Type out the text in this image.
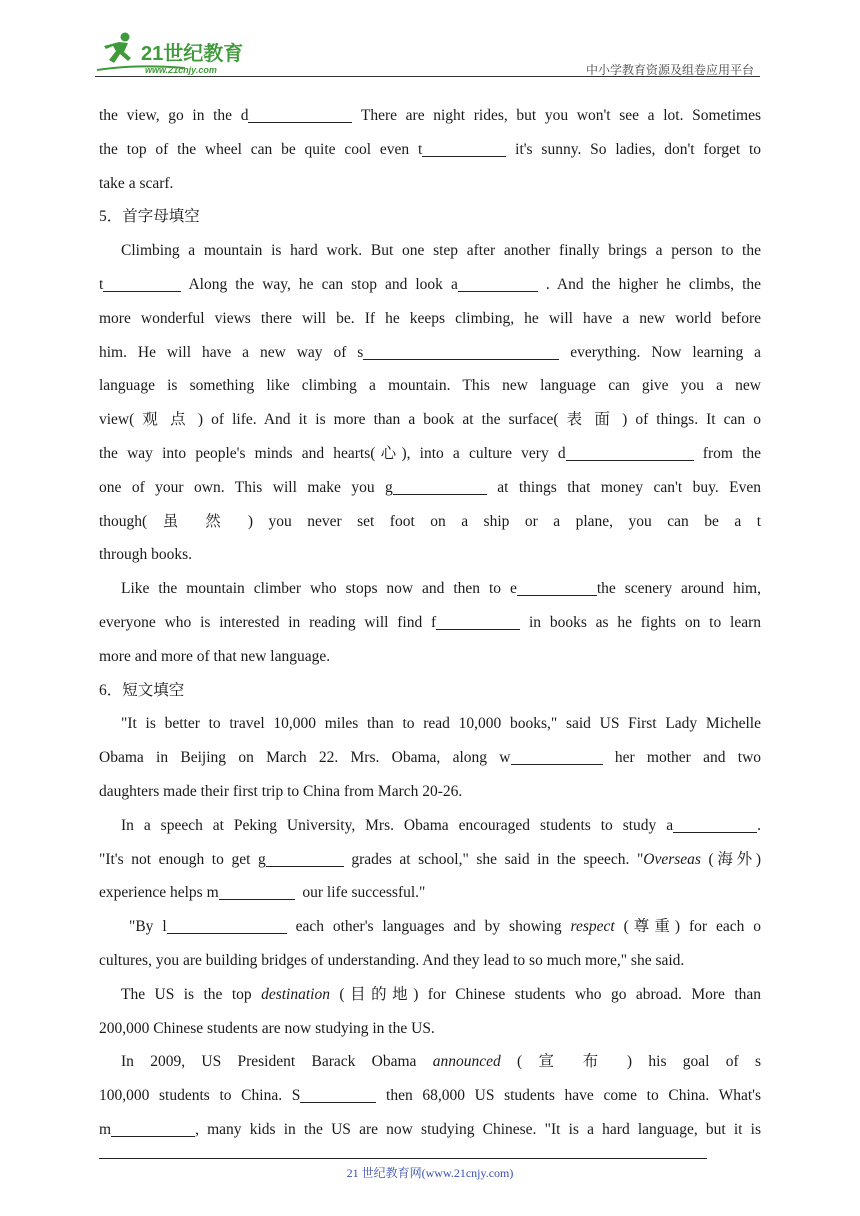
21世纪教育
www.21cnjy.com	中小学教育资源及组卷应用平台
the view, go in the d	There are night rides, but you won't see a lot. Sometimes
the top of the wheel can be quite cool even t	it's sunny. So ladies, don't forget to
take a scarf.
5．首字母填空
Climbing a mountain is hard work. But one step after another finally brings a person to the
t	Along the way, he can stop and look a	. And the higher he climbs, the
more wonderful views there will be. If he keeps climbing, he will have a new world before
him. He will have a new way of s	everything. Now learning a
language is something like climbing a mountain. This new language can give you a new
view( 观 点 ) of life. And it is more than a book at the surface( 表 面 ) of things. It can o
the way into people's minds and hearts(心), into a culture very d	from the
one of your own. This will make you g	at things that money can't buy. Even
though( 虽 然 ) you never set foot on a ship or a plane, you can be a t
through books.
Like the mountain climber who stops now and then to e	the scenery around him,
everyone who is interested in reading will find f	in books as he fights on to learn
more and more of that new language.
6．短文填空
"It is better to travel 10,000 miles than to read 10,000 books," said US First Lady Michelle
Obama in Beijing on March 22. Mrs. Obama, along w	her mother and two
daughters made their first trip to China from March 20-26.
In a speech at Peking University, Mrs. Obama encouraged students to study a	.
"It's not enough to get g	grades at school," she said in the speech. "Overseas (海外)
experience helps m	our life successful."
"By l	each other's languages and by showing respect (尊重) for each o
cultures, you are building bridges of understanding. And they lead to so much more," she said.
The US is the top destination (目的地) for Chinese students who go abroad. More than
200,000 Chinese students are now studying in the US.
In 2009, US President Barack Obama announced ( 宣 布 ) his goal of s
100,000 students to China. S	then 68,000 US students have come to China. What's
m	, many kids in the US are now studying Chinese. "It is a hard language, but it is
21 世纪教育网(www.21cnjy.com)
